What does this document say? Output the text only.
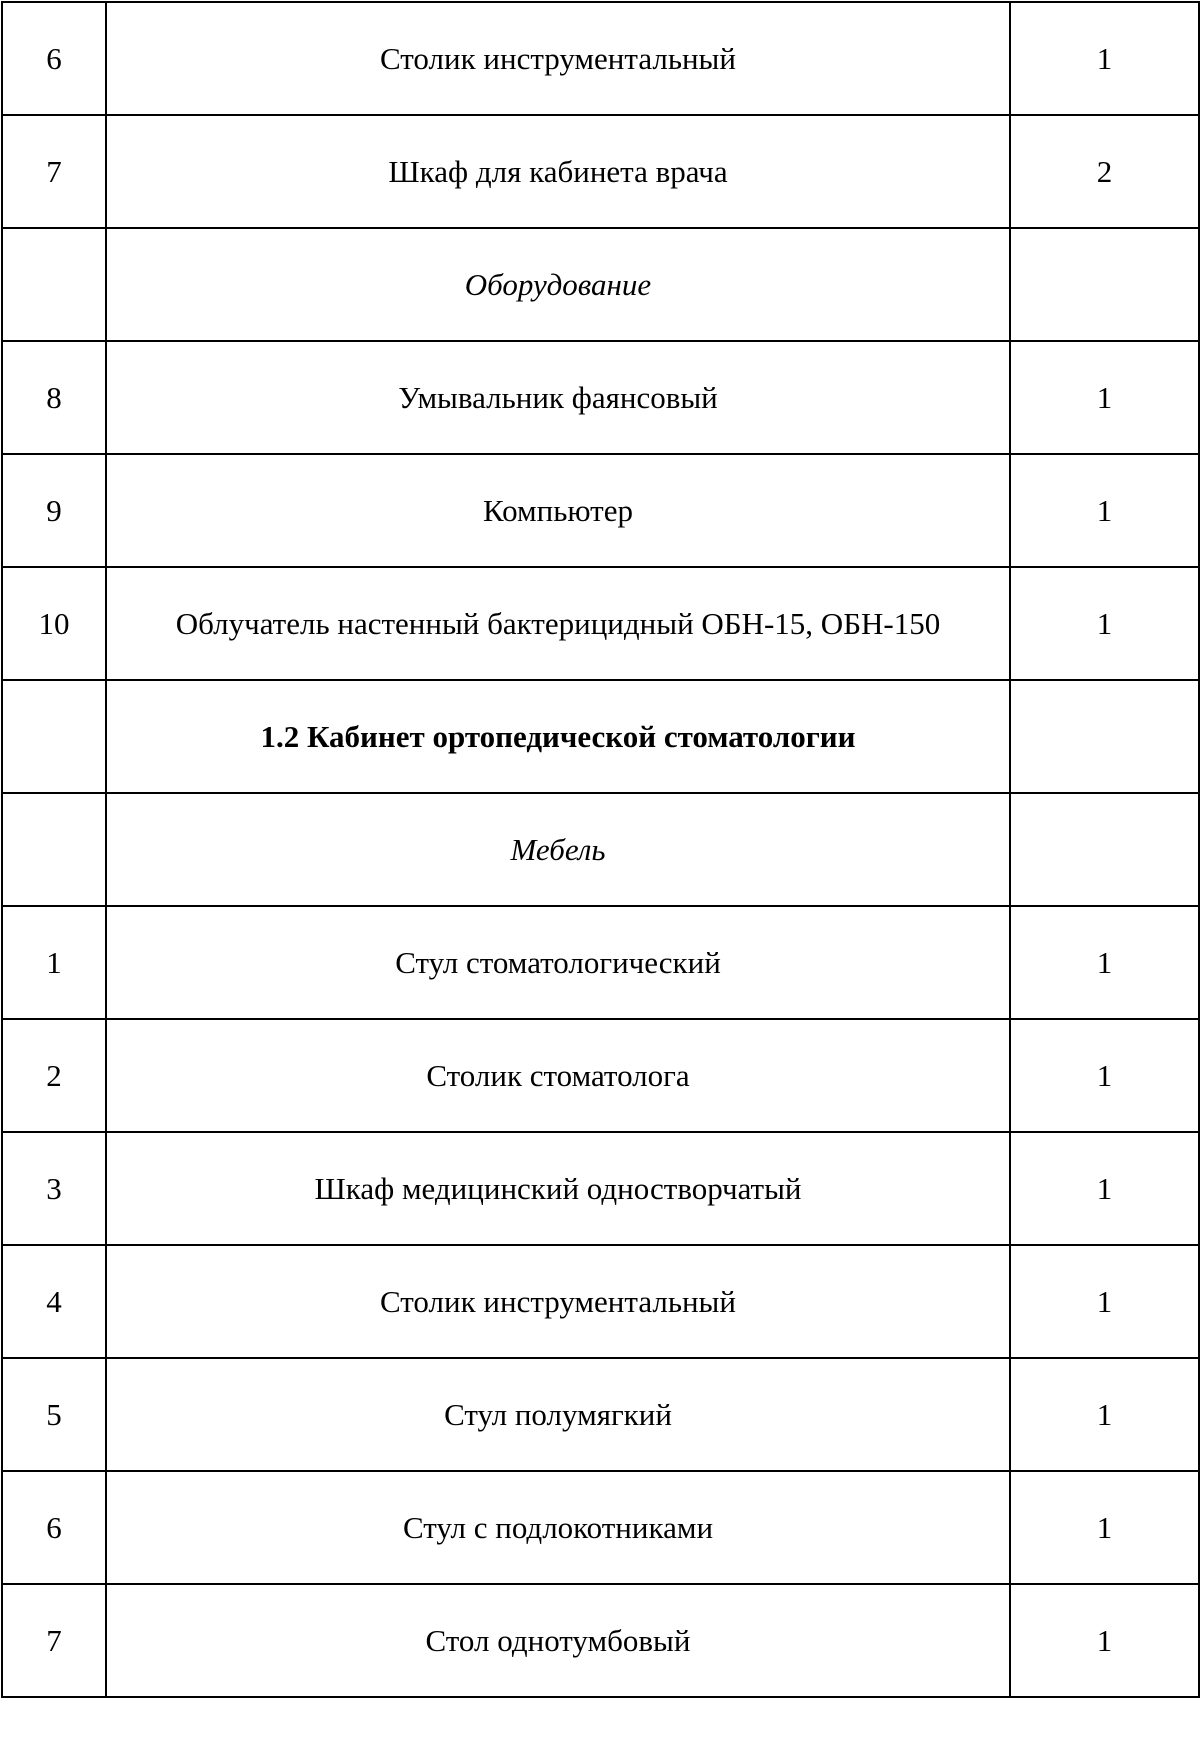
6	Столик инструментальный	1
7	Шкаф для кабинета врача	2
	Оборудование	
8	Умывальник фаянсовый	1
9	Компьютер	1
10	Облучатель настенный бактерицидный ОБН-15, ОБН-150	1
	1.2 Кабинет ортопедической стоматологии	
	Мебель	
1	Стул стоматологический	1
2	Столик стоматолога	1
3	Шкаф медицинский одностворчатый	1
4	Столик инструментальный	1
5	Стул полумягкий	1
6	Стул с подлокотниками	1
7	Стол однотумбовый	1
